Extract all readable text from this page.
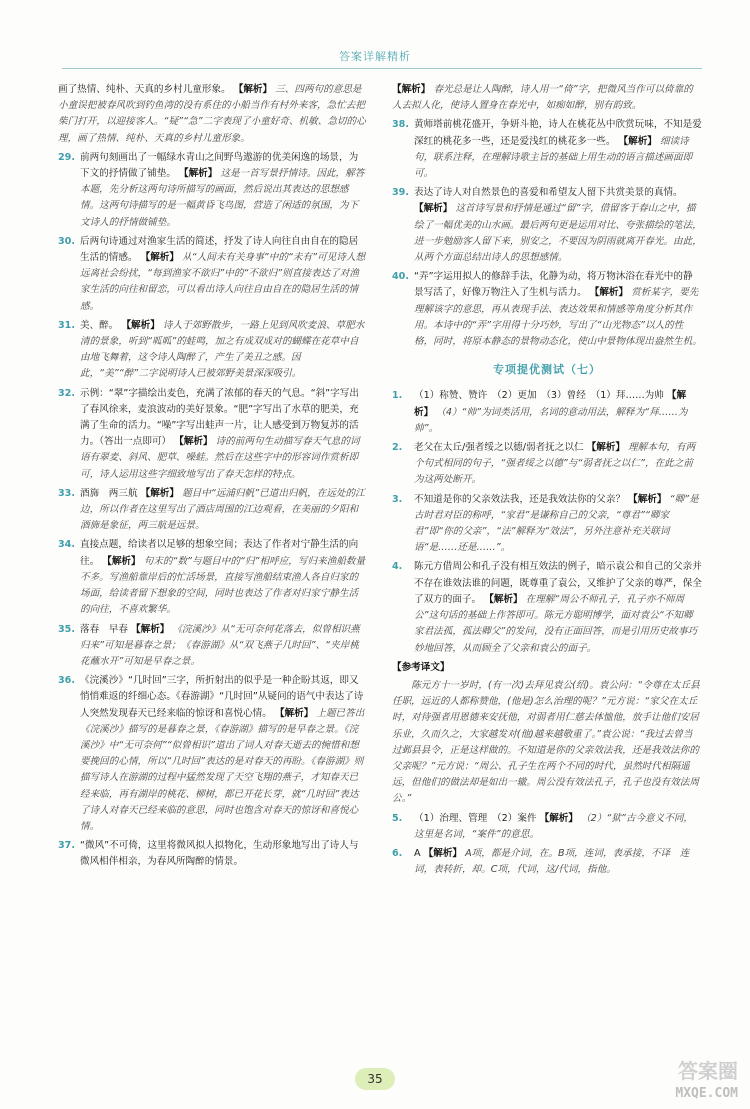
答案详解精析
画了热情、纯朴、天真的乡村儿童形象。 【解析】 三、四两句的意思是小童误把被春风吹到钓鱼湾的没有系住的小船当作有村外来客，急忙去把柴门打开，以迎接客人。“疑”“急”二字表现了小童好奇、机敏、急切的心理，画了热情、纯朴、天真的乡村儿童形象。
29. 前两句刻画出了一幅绿水青山之间野鸟遨游的优美闲逸的场景，为下文的抒情做了铺垫。 【解析】 这是一首写景抒情诗。因此，解答本题，先分析这两句诗所描写的画面，然后说出其表达的思想感情。这两句诗描写的是一幅黄昏飞鸟图，营造了闲适的氛围，为下文诗人的抒情做铺垫。
30. 后两句诗通过对渔家生活的简述，抒发了诗人向往自由自在的隐居生活的情感。 【解析】 从“人间未有关身事”中的“未有”可见诗人想远离社会纷扰，“每到渔家不欲归”中的“不欲归”则直接表达了对渔家生活的向往和留恋，可以看出诗人向往自由自在的隐居生活的情感。
31. 美、醉。 【解析】 诗人于郊野散步，一路上见到风吹麦浪、草肥水清的景象，听到“呱呱”的蛙鸣，加之有成双成对的蝴蝶在花草中自由地飞舞着，这令诗人陶醉了，产生了美丑之感。因此，“美”“醉”二字说明诗人已被郊野美景深深吸引。
32. 示例：“翠”字描绘出麦色，充满了浓郁的春天的气息。“斜”字写出了春风徐来，麦浪波动的美好景象。“肥”字写出了水草的肥美，充满了生命的活力。“噪”字写出蛙声一片，让人感受到万物复苏的活力。（答出一点即可） 【解析】 诗的前两句生动描写春天气息的词语有翠麦、斜风、肥草、噪蛙。然后在这些字中的形容词作赏析即可，诗人运用这些字细致地写出了春天怎样的特点。
33. 酒旆　两三航 【解析】 题目中“远浦归帆”已道出归帆，在远处的江边，所以作者在这里写出了酒店周围的江边观看，在美丽的夕阳和酒旆是象征，两三航是远景。
34. 直接点题，给读者以足够的想象空间；表达了作者对宁静生活的向往。 【解析】 句末的“数”与题目中的“归”相呼应，写归来渔船数量不多。写渔船靠岸后的忙活场景，直接写渔船结束渔人各自归家的场面，给读者留下想象的空间，同时也表达了作者对归家宁静生活的向往，不喜欢繁华。
35. 落春　早春 【解析】 《浣溪沙》从“无可奈何花落去，似曾相识燕归来”可知是暮春之景；《春游湖》从“双飞燕子几时回”、“夹岸桃花蘸水开”可知是早春之景。
36. 《浣溪沙》“几时回”三字，所折射出的似乎是一种企盼其返，即又悄悄难返的纤细心态。《春游湖》“几时回”从疑问的语气中表达了诗人突然发现春天已经来临的惊讶和喜悦心情。 【解析】 上题已答出《浣溪沙》描写的是暮春之景，《春游湖》描写的是早春之景。《浣溪沙》中“无可奈何”“似曾相识”道出了词人对春天逝去的惋惜和想要挽回的心情，所以“几时回”表达的是对春天的再盼。《春游湖》则描写诗人在游湖的过程中猛然发现了天空飞翔的燕子，才知春天已经来临，再有湖岸的桃花、柳树，都已开花长芽，就“几时回”表达了诗人对春天已经来临的意思，同时也饱含对春天的惊讶和喜悦心情。
37. “微风”不可倚，这里将微风拟人拟物化，生动形象地写出了诗人与微风相伴相亲，为春风所陶醉的情景。
【解析】 春光总是让人陶醉，诗人用一“倚”字，把微风当作可以倚靠的人去拟人化，使诗人置身在春光中，如痴如醉，别有韵致。
38. 黄师塔前桃花盛开，争妍斗艳，诗人在桃花丛中欣赏玩味，不知是爱深红的桃花多一些，还是爱浅红的桃花多一些。 【解析】 细读诗句，联系注释，在理解诗歌主旨的基础上用生动的语言描述画面即可。
39. 表达了诗人对自然景色的喜爱和希望友人留下共赏美景的真情。 【解析】 这首诗写景和抒情是通过“留”字，借留客于春山之中，描绘了一幅优美的山水画。最后两句更是运用对比、夸张描绘的笔法，进一步勉励客人留下来，别安之，不要因为阴雨就离开春光。由此，从两个方面总结出诗人的思想感情。
40. “弄”字运用拟人的修辞手法，化静为动，将万物沐浴在春光中的静景写活了，好像万物注入了生机与活力。 【解析】 赏析某字，要先理解该字的意思，再从表现手法、表达效果和情感等角度分析其作用。本诗中的“弄”字用得十分巧妙，写出了“山光物态”以人的性格，同时，将原本静态的景物动态化，使山中景物体现出盎然生机。
专项提优测试（七）
1.	（1）称赞、赞许　（2）更加　（3）曾经　（1）拜……为帅 【解析】 （4）“帅”为词类活用，名词的意动用法，解释为“拜……为帅”。
2.	老父在太丘/强者绥之以德/弱者抚之以仁 【解析】 理解本句，有两个句式相同的句子，“强者绥之以德”与“弱者抚之以仁”，在此之前为这两处断开。
3.	不知道是你的父亲效法我，还是我效法你的父亲？ 【解析】 “卿”是古时君对臣的称呼，“家君”是谦称自己的父亲，“尊君”“卿家君”即“你的父亲”，“法”解释为“效法”，另外注意补充关联词语“是……还是……”。
4.	陈元方借周公和孔子没有相互效法的例子，暗示袁公和自己的父亲并不存在谁效法谁的问题，既尊重了袁公，又维护了父亲的尊严，保全了双方的面子。 【解析】 在理解“周公不师孔子，孔子亦不师周公”这句话的基础上作答即可。陈元方聪明博学，面对袁公“不知卿家君法孤，孤法卿父”的发问，没有正面回答，而是引用历史故事巧妙地回答，从而顾全了父亲和袁公的面子。
【参考译文】
陈元方十一岁时，(有一次)去拜见袁公(绍)。袁公问：“令尊在太丘县任职，远近的人都称赞他，(他是)怎么治理的呢？”元方说：“家父在太丘时，对待强者用恩德来安抚他，对弱者用仁慈去体恤他，放手让他们安居乐业，久而久之，大家越发对(他)越来越敬重了。”袁公说：“我过去曾当过邺县县令，正是这样做的。不知道是你的父亲效法我，还是我效法你的父亲呢？”元方说：“周公、孔子生在两个不同的时代，虽然时代相隔遥远，但他们的做法却是如出一辙。周公没有效法孔子，孔子也没有效法周公。”
5.	（1）治理、管理　（2）案件 【解析】 （2）“狱”古今意义不同，这里是名词，“案件”的意思。
6.	A 【解析】 A项，都是介词，在。B项，连词，表承接，不译　连词，表转折，却。C项，代词，这/代词，指他。
35	答案圈
MXQE.COM
